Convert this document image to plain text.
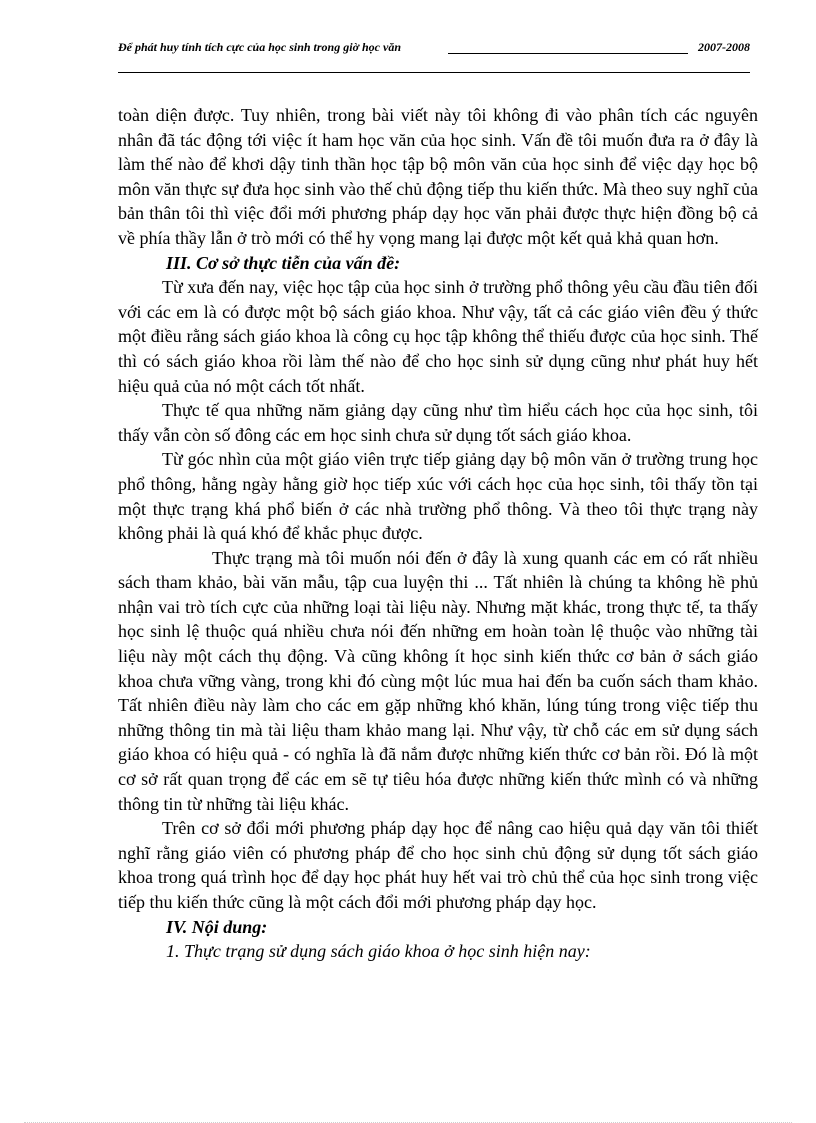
Để phát huy tính tích cực của học sinh trong giờ học văn	2007-2008

toàn diện được. Tuy nhiên, trong bài viết này tôi không đi vào phân tích các nguyên nhân đã tác động tới việc ít ham học văn của học sinh. Vấn đề tôi muốn đưa ra ở đây là làm thế nào để khơi dậy tinh thần học tập bộ môn văn của học sinh để việc dạy học bộ môn văn thực sự đưa học sinh vào thế chủ động tiếp thu kiến thức. Mà theo suy nghĩ của bản thân tôi thì việc đổi mới phương pháp dạy học văn phải được thực hiện đồng bộ cả về phía thầy lẫn ở trò mới có thể hy vọng mang lại được một kết quả khả quan hơn.

III. Cơ sở thực tiễn của vấn đề:

Từ xưa đến nay, việc học tập của học sinh ở trường phổ thông yêu cầu đầu tiên đối với các em là có được một bộ sách giáo khoa. Như vậy, tất cả các giáo viên đều ý thức một điều rằng sách giáo khoa là công cụ học tập không thể thiếu được của học sinh. Thế thì có sách giáo khoa rồi làm thế nào để cho học sinh sử dụng cũng như phát huy hết hiệu quả của nó một cách tốt nhất.

Thực tế qua những năm giảng dạy cũng như tìm hiểu cách học của học sinh, tôi thấy vẫn còn số đông các em học sinh chưa sử dụng tốt sách giáo khoa.

Từ góc nhìn của một giáo viên trực tiếp giảng dạy bộ môn văn ở trường trung học phổ thông, hằng ngày hằng giờ học tiếp xúc với cách học của học sinh, tôi thấy tồn tại một thực trạng khá phổ biến ở các nhà trường phổ thông. Và theo tôi thực trạng này không phải là quá khó để khắc phục được.

Thực trạng mà tôi muốn nói đến ở đây là xung quanh các em có rất nhiều sách tham khảo, bài văn mẫu, tập cua luyện thi ... Tất nhiên là chúng ta không hề phủ nhận vai trò tích cực của những loại tài liệu này. Nhưng mặt khác, trong thực tế, ta thấy học sinh lệ thuộc quá nhiều chưa nói đến những em hoàn toàn lệ thuộc vào những tài liệu này một cách thụ động. Và cũng không ít học sinh kiến thức cơ bản ở sách giáo khoa chưa vững vàng, trong khi đó cùng một lúc mua hai đến ba cuốn sách tham khảo. Tất nhiên điều này làm cho các em gặp những khó khăn, lúng túng trong việc tiếp thu những thông tin mà tài liệu tham khảo mang lại. Như vậy, từ chỗ các em sử dụng sách giáo khoa có hiệu quả - có nghĩa là đã nắm được những kiến thức cơ bản rồi. Đó là một cơ sở rất quan trọng để các em sẽ tự tiêu hóa được những kiến thức mình có và những thông tin từ những tài liệu khác.

Trên cơ sở đổi mới phương pháp dạy học để nâng cao hiệu quả dạy văn tôi thiết nghĩ rằng giáo viên có phương pháp để cho học sinh chủ động sử dụng tốt sách giáo khoa trong quá trình học để dạy học phát huy hết vai trò chủ thể của học sinh trong việc tiếp thu kiến thức cũng là một cách đổi mới phương pháp dạy học.

IV. Nội dung:

1. Thực trạng sử dụng sách giáo khoa ở học sinh hiện nay:
